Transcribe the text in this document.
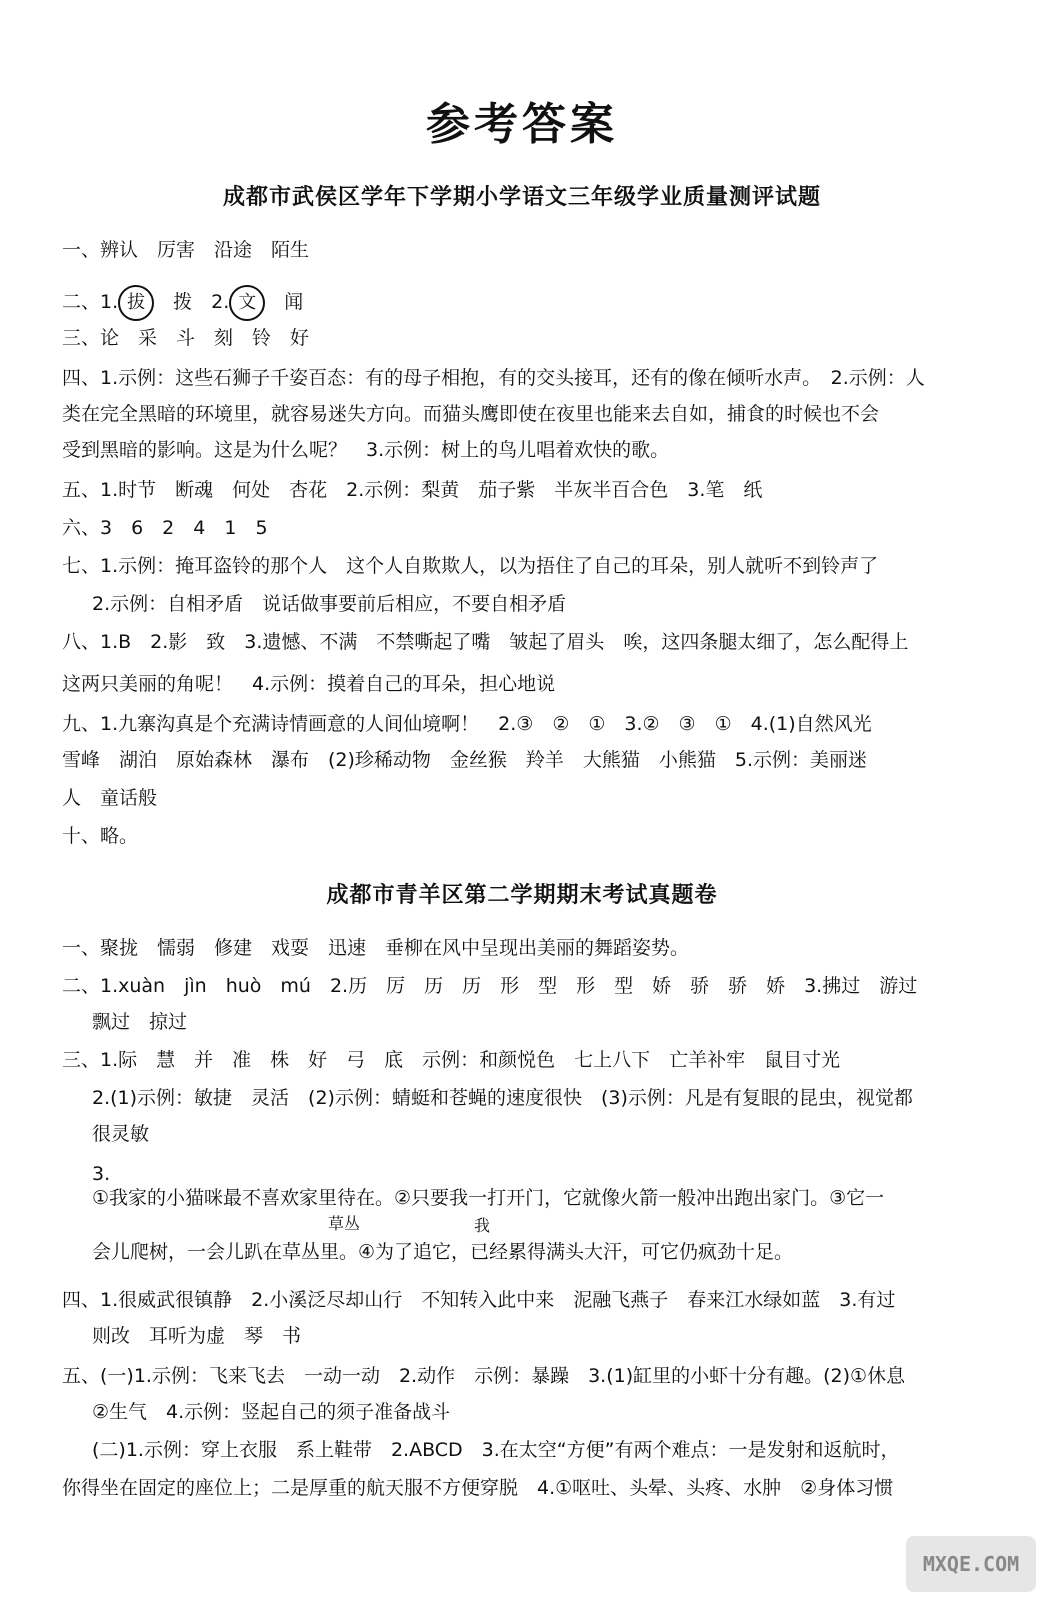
参考答案
成都市武侯区学年下学期小学语文三年级学业质量测评试题
一、辨认　厉害　沿途　陌生
二、1. 拔　拨　2. 文　闻
三、论　采　斗　刻　铃　好
四、1.示例：这些石狮子千姿百态：有的母子相抱，有的交头接耳，还有的像在倾听水声。　2.示例：人
类在完全黑暗的环境里，就容易迷失方向。而猫头鹰即使在夜里也能来去自如，捕食的时候也不会
受到黑暗的影响。这是为什么呢？　3.示例：树上的鸟儿唱着欢快的歌。
五、1.时节　断魂　何处　杏花　2.示例：梨黄　茄子紫　半灰半百合色　3.笔　纸
六、3　6　2　4　1　5
七、1.示例：掩耳盗铃的那个人　这个人自欺欺人，以为捂住了自己的耳朵，别人就听不到铃声了
2.示例：自相矛盾　说话做事要前后相应，不要自相矛盾
八、1.B　2.影　致　3.遗憾、不满　不禁嘶起了嘴　皱起了眉头　唉，这四条腿太细了，怎么配得上
这两只美丽的角呢！　4.示例：摸着自己的耳朵，担心地说
九、1.九寨沟真是个充满诗情画意的人间仙境啊！　2.③　②　①　3.②　③　①　4.(1)自然风光
雪峰　湖泊　原始森林　瀑布　(2)珍稀动物　金丝猴　羚羊　大熊猫　小熊猫　5.示例：美丽迷
人　童话般
十、略。
成都市青羊区第二学期期末考试真题卷
一、聚拢　懦弱　修建　戏耍　迅速　垂柳在风中呈现出美丽的舞蹈姿势。
二、1.xuàn　jìn　huò　mú　2.历　厉　历　历　形　型　形　型　娇　骄　骄　娇　3.拂过　游过
飘过　掠过
三、1.际　慧　并　准　株　好　弓　底　示例：和颜悦色　七上八下　亡羊补牢　鼠目寸光
2.(1)示例：敏捷　灵活　(2)示例：蜻蜓和苍蝇的速度很快　(3)示例：凡是有复眼的昆虫，视觉都
很灵敏
3.
①我家的小猫咪最不喜欢家里待在。②只要我一打开门，它就像火箭一般冲出跑出家门。③它一
草丛	我
会儿爬树，一会儿趴在草丛里。④为了追它，已经累得满头大汗，可它仍疯劲十足。
四、1.很威武很镇静　2.小溪泛尽却山行　不知转入此中来　泥融飞燕子　春来江水绿如蓝　3.有过
则改　耳听为虚　琴　书
五、(一)1.示例：飞来飞去　一动一动　2.动作　示例：暴躁　3.(1)缸里的小虾十分有趣。(2)①休息
②生气　4.示例：竖起自己的须子准备战斗
(二)1.示例：穿上衣服　系上鞋带　2.ABCD　3.在太空“方便”有两个难点：一是发射和返航时，
你得坐在固定的座位上；二是厚重的航天服不方便穿脱　4.①呕吐、头晕、头疼、水肿　②身体习惯
MXQE.COM
